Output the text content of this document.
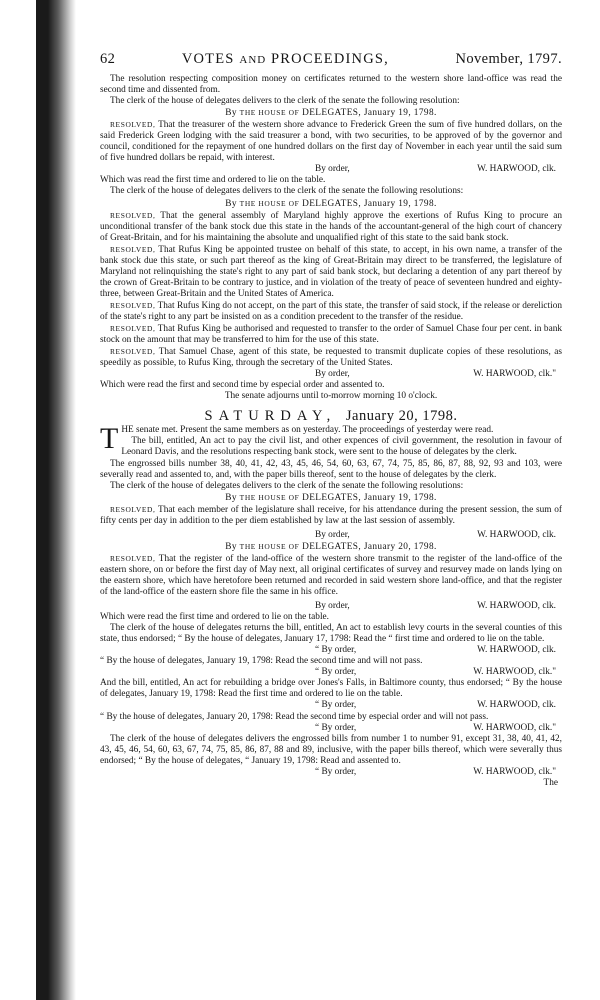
62	VOTES AND PROCEEDINGS,	November, 1797.

The resolution respecting composition money on certificates returned to the western shore land-office was read the second time and dissented from.

The clerk of the house of delegates delivers to the clerk of the senate the following resolution:

By THE HOUSE OF DELEGATES, January 19, 1798.

RESOLVED, That the treasurer of the western shore advance to Frederick Green the sum of five hundred dollars, on the said Frederick Green lodging with the said treasurer a bond, with two securities, to be approved of by the governor and council, conditioned for the repayment of one hundred dollars on the first day of November in each year until the said sum of five hundred dollars be repaid, with interest.

By order,	W. HARWOOD, clk.

Which was read the first time and ordered to lie on the table.

The clerk of the house of delegates delivers to the clerk of the senate the following resolutions:

By THE HOUSE OF DELEGATES, January 19, 1798.

RESOLVED, That the general assembly of Maryland highly approve the exertions of Rufus King to procure an unconditional transfer of the bank stock due this state in the hands of the accountant-general of the high court of chancery of Great-Britain, and for his maintaining the absolute and unqualified right of this state to the said bank stock.

RESOLVED, That Rufus King be appointed trustee on behalf of this state, to accept, in his own name, a transfer of the bank stock due this state, or such part thereof as the king of Great-Britain may direct to be transferred, the legislature of Maryland not relinquishing the state's right to any part of said bank stock, but declaring a detention of any part thereof by the crown of Great-Britain to be contrary to justice, and in violation of the treaty of peace of seventeen hundred and eighty-three, between Great-Britain and the United States of America.

RESOLVED, That Rufus King do not accept, on the part of this state, the transfer of said stock, if the release or dereliction of the state's right to any part be insisted on as a condition precedent to the transfer of the residue.

RESOLVED, That Rufus King be authorised and requested to transfer to the order of Samuel Chase four per cent. in bank stock on the amount that may be transferred to him for the use of this state.

RESOLVED, That Samuel Chase, agent of this state, be requested to transmit duplicate copies of these resolutions, as speedily as possible, to Rufus King, through the secretary of the United States.

By order,	W. HARWOOD, clk."

Which were read the first and second time by especial order and assented to.

The senate adjourns until to-morrow morning 10 o'clock.

SATURDAY, January 20, 1798.

THE senate met. Present the same members as on yesterday. The proceedings of yesterday were read.

The bill, entitled, An act to pay the civil list, and other expences of civil government, the resolution in favour of Leonard Davis, and the resolutions respecting bank stock, were sent to the house of delegates by the clerk.

The engrossed bills number 38, 40, 41, 42, 43, 45, 46, 54, 60, 63, 67, 74, 75, 85, 86, 87, 88, 92, 93 and 103, were severally read and assented to, and, with the paper bills thereof, sent to the house of delegates by the clerk.

The clerk of the house of delegates delivers to the clerk of the senate the following resolutions:

By THE HOUSE OF DELEGATES, January 19, 1798.

RESOLVED, That each member of the legislature shall receive, for his attendance during the present session, the sum of fifty cents per day in addition to the per diem established by law at the last session of assembly.

By order,	W. HARWOOD, clk.

By THE HOUSE OF DELEGATES, January 20, 1798.

RESOLVED, That the register of the land-office of the western shore transmit to the register of the land-office of the eastern shore, on or before the first day of May next, all original certificates of survey and resurvey made on lands lying on the eastern shore, which have heretofore been returned and recorded in said western shore land-office, and that the register of the land-office of the eastern shore file the same in his office.

By order,	W. HARWOOD, clk.

Which were read the first time and ordered to lie on the table.

The clerk of the house of delegates returns the bill, entitled, An act to establish levy courts in the several counties of this state, thus endorsed; “ By the house of delegates, January 17, 1798: Read the “ first time and ordered to lie on the table.

“ By order,	W. HARWOOD, clk.

“ By the house of delegates, January 19, 1798: Read the second time and will not pass.

“ By order,	W. HARWOOD, clk."

And the bill, entitled, An act for rebuilding a bridge over Jones's Falls, in Baltimore county, thus endorsed; “ By the house of delegates, January 19, 1798: Read the first time and ordered to lie on the table.

“ By order,	W. HARWOOD, clk.

“ By the house of delegates, January 20, 1798: Read the second time by especial order and will not pass.

“ By order,	W. HARWOOD, clk."

The clerk of the house of delegates delivers the engrossed bills from number 1 to number 91, except 31, 38, 40, 41, 42, 43, 45, 46, 54, 60, 63, 67, 74, 75, 85, 86, 87, 88 and 89, inclusive, with the paper bills thereof, which were severally thus endorsed; “ By the house of delegates, “ January 19, 1798: Read and assented to.

“ By order,	W. HARWOOD, clk."
The
